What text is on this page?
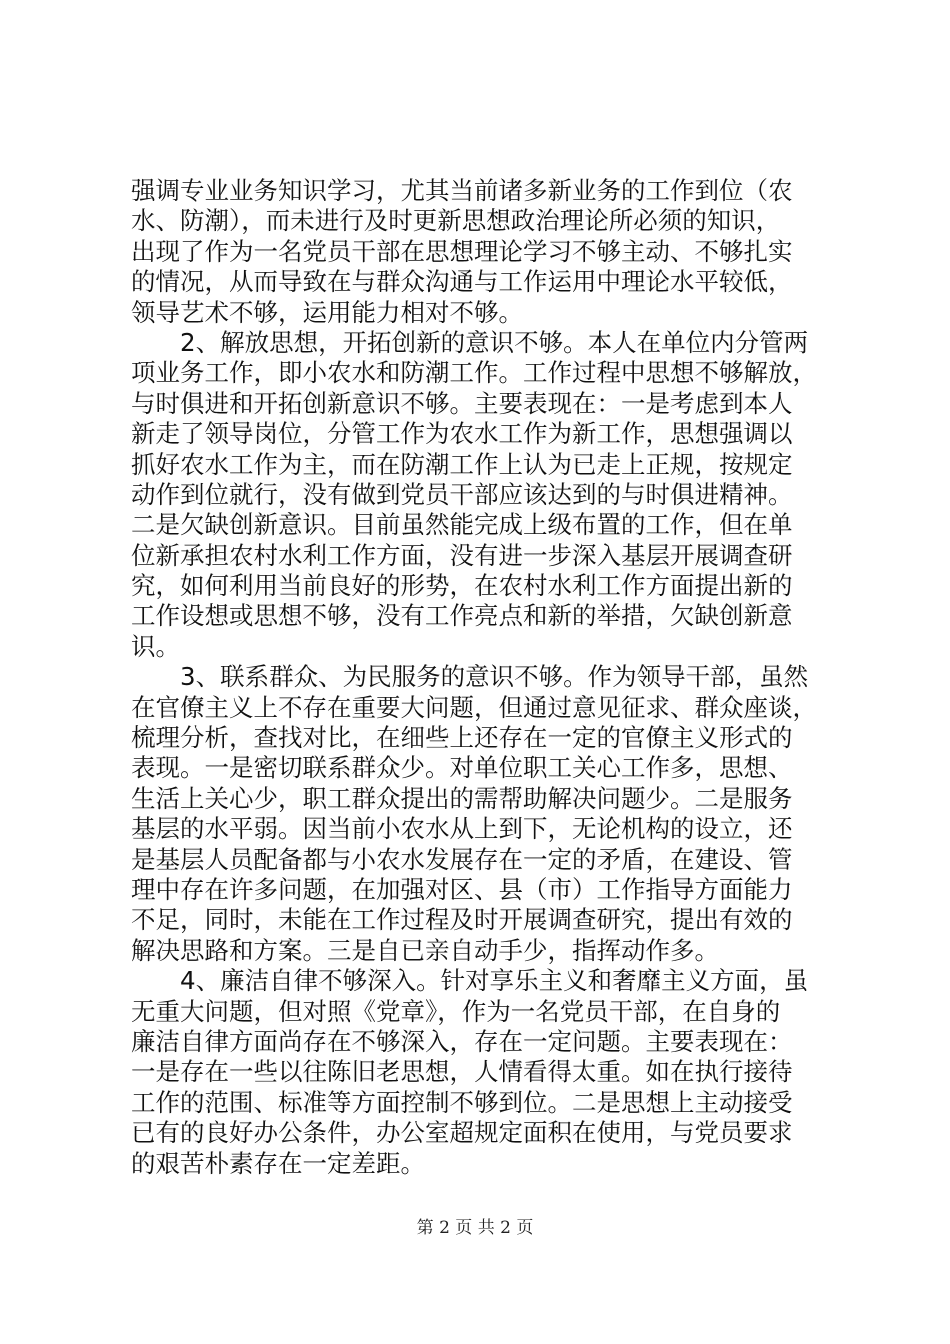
强调专业业务知识学习，尤其当前诸多新业务的工作到位（农
水、防潮），而未进行及时更新思想政治理论所必须的知识，
出现了作为一名党员干部在思想理论学习不够主动、不够扎实
的情况，从而导致在与群众沟通与工作运用中理论水平较低，
领导艺术不够，运用能力相对不够。
2、解放思想，开拓创新的意识不够。本人在单位内分管两
项业务工作，即小农水和防潮工作。工作过程中思想不够解放，
与时俱进和开拓创新意识不够。主要表现在：一是考虑到本人
新走了领导岗位，分管工作为农水工作为新工作，思想强调以
抓好农水工作为主，而在防潮工作上认为已走上正规，按规定
动作到位就行，没有做到党员干部应该达到的与时俱进精神。
二是欠缺创新意识。目前虽然能完成上级布置的工作，但在单
位新承担农村水利工作方面，没有进一步深入基层开展调查研
究，如何利用当前良好的形势，在农村水利工作方面提出新的
工作设想或思想不够，没有工作亮点和新的举措，欠缺创新意
识。
3、联系群众、为民服务的意识不够。作为领导干部，虽然
在官僚主义上不存在重要大问题，但通过意见征求、群众座谈，
梳理分析，查找对比，在细些上还存在一定的官僚主义形式的
表现。一是密切联系群众少。对单位职工关心工作多，思想、
生活上关心少，职工群众提出的需帮助解决问题少。二是服务
基层的水平弱。因当前小农水从上到下，无论机构的设立，还
是基层人员配备都与小农水发展存在一定的矛盾，在建设、管
理中存在许多问题，在加强对区、县（市）工作指导方面能力
不足，同时，未能在工作过程及时开展调查研究，提出有效的
解决思路和方案。三是自已亲自动手少，指挥动作多。
4、廉洁自律不够深入。针对享乐主义和奢靡主义方面，虽
无重大问题，但对照《党章》，作为一名党员干部，在自身的
廉洁自律方面尚存在不够深入，存在一定问题。主要表现在：
一是存在一些以往陈旧老思想，人情看得太重。如在执行接待
工作的范围、标准等方面控制不够到位。二是思想上主动接受
已有的良好办公条件，办公室超规定面积在使用，与党员要求
的艰苦朴素存在一定差距。
第 2 页 共 2 页
